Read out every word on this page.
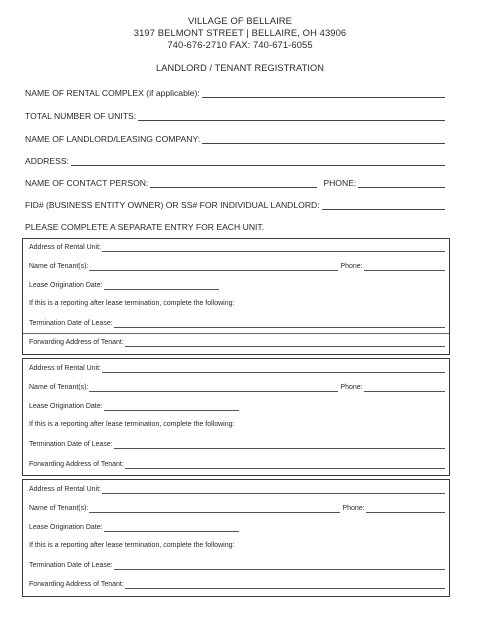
VILLAGE OF BELLAIRE
3197 BELMONT STREET | BELLAIRE, OH 43906
740-676-2710 FAX: 740-671-6055
LANDLORD / TENANT REGISTRATION
NAME OF RENTAL COMPLEX (if applicable):
TOTAL NUMBER OF UNITS:
NAME OF LANDLORD/LEASING COMPANY:
ADDRESS:
NAME OF CONTACT PERSON:	PHONE:
FID# (BUSINESS ENTITY OWNER) OR SS# FOR INDIVIDUAL LANDLORD:
PLEASE COMPLETE A SEPARATE ENTRY FOR EACH UNIT.
Address of Rental Unit:
Name of Tenant(s):	Phone:
Lease Origination Date:
If this is a reporting after lease termination, complete the following:
Termination Date of Lease:
Forwarding Address of Tenant:
Address of Rental Unit:
Name of Tenant(s):	Phone:
Lease Origination Date:
If this is a reporting after lease termination, complete the following:
Termination Date of Lease:
Forwarding Address of Tenant:
Address of Rental Unit:
Name of Tenant(s):	Phone:
Lease Origination Date:
If this is a reporting after lease termination, complete the following:
Termination Date of Lease:
Forwarding Address of Tenant:
